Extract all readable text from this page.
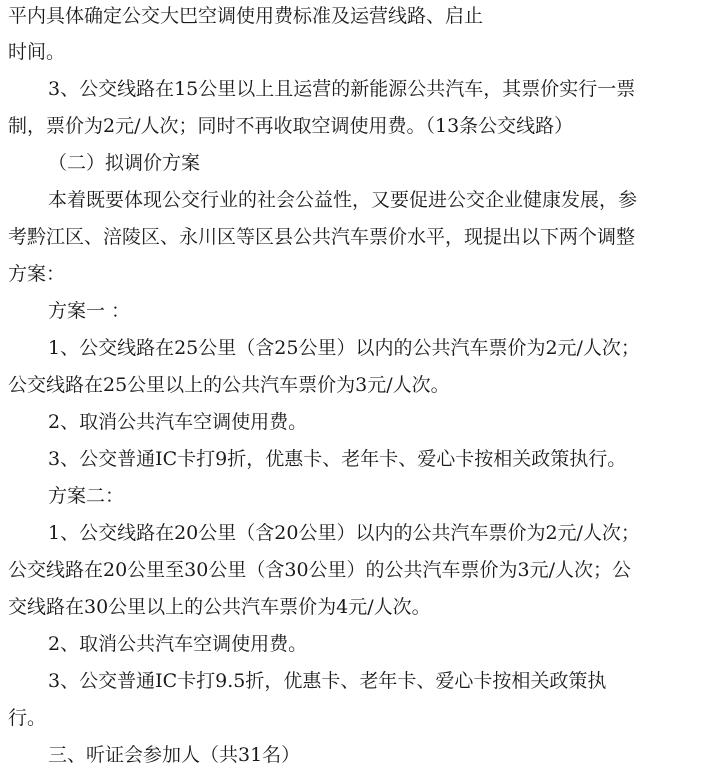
平内具体确定公交大巴空调使用费标准及运营线路、启止
时间。
3、公交线路在15公里以上且运营的新能源公共汽车，其票价实行一票
制，票价为2元/人次；同时不再收取空调使用费。（13条公交线路）
（二）拟调价方案
本着既要体现公交行业的社会公益性，又要促进公交企业健康发展，参
考黔江区、涪陵区、永川区等区县公共汽车票价水平，现提出以下两个调整
方案：
方案一 ：
1、公交线路在25公里（含25公里）以内的公共汽车票价为2元/人次；
公交线路在25公里以上的公共汽车票价为3元/人次。
2、取消公共汽车空调使用费。
3、公交普通IC卡打9折，优惠卡、老年卡、爱心卡按相关政策执行。
方案二：
1、公交线路在20公里（含20公里）以内的公共汽车票价为2元/人次；
公交线路在20公里至30公里（含30公里）的公共汽车票价为3元/人次；公
交线路在30公里以上的公共汽车票价为4元/人次。
2、取消公共汽车空调使用费。
3、公交普通IC卡打9.5折，优惠卡、老年卡、爱心卡按相关政策执
行。
三、听证会参加人（共31名）
